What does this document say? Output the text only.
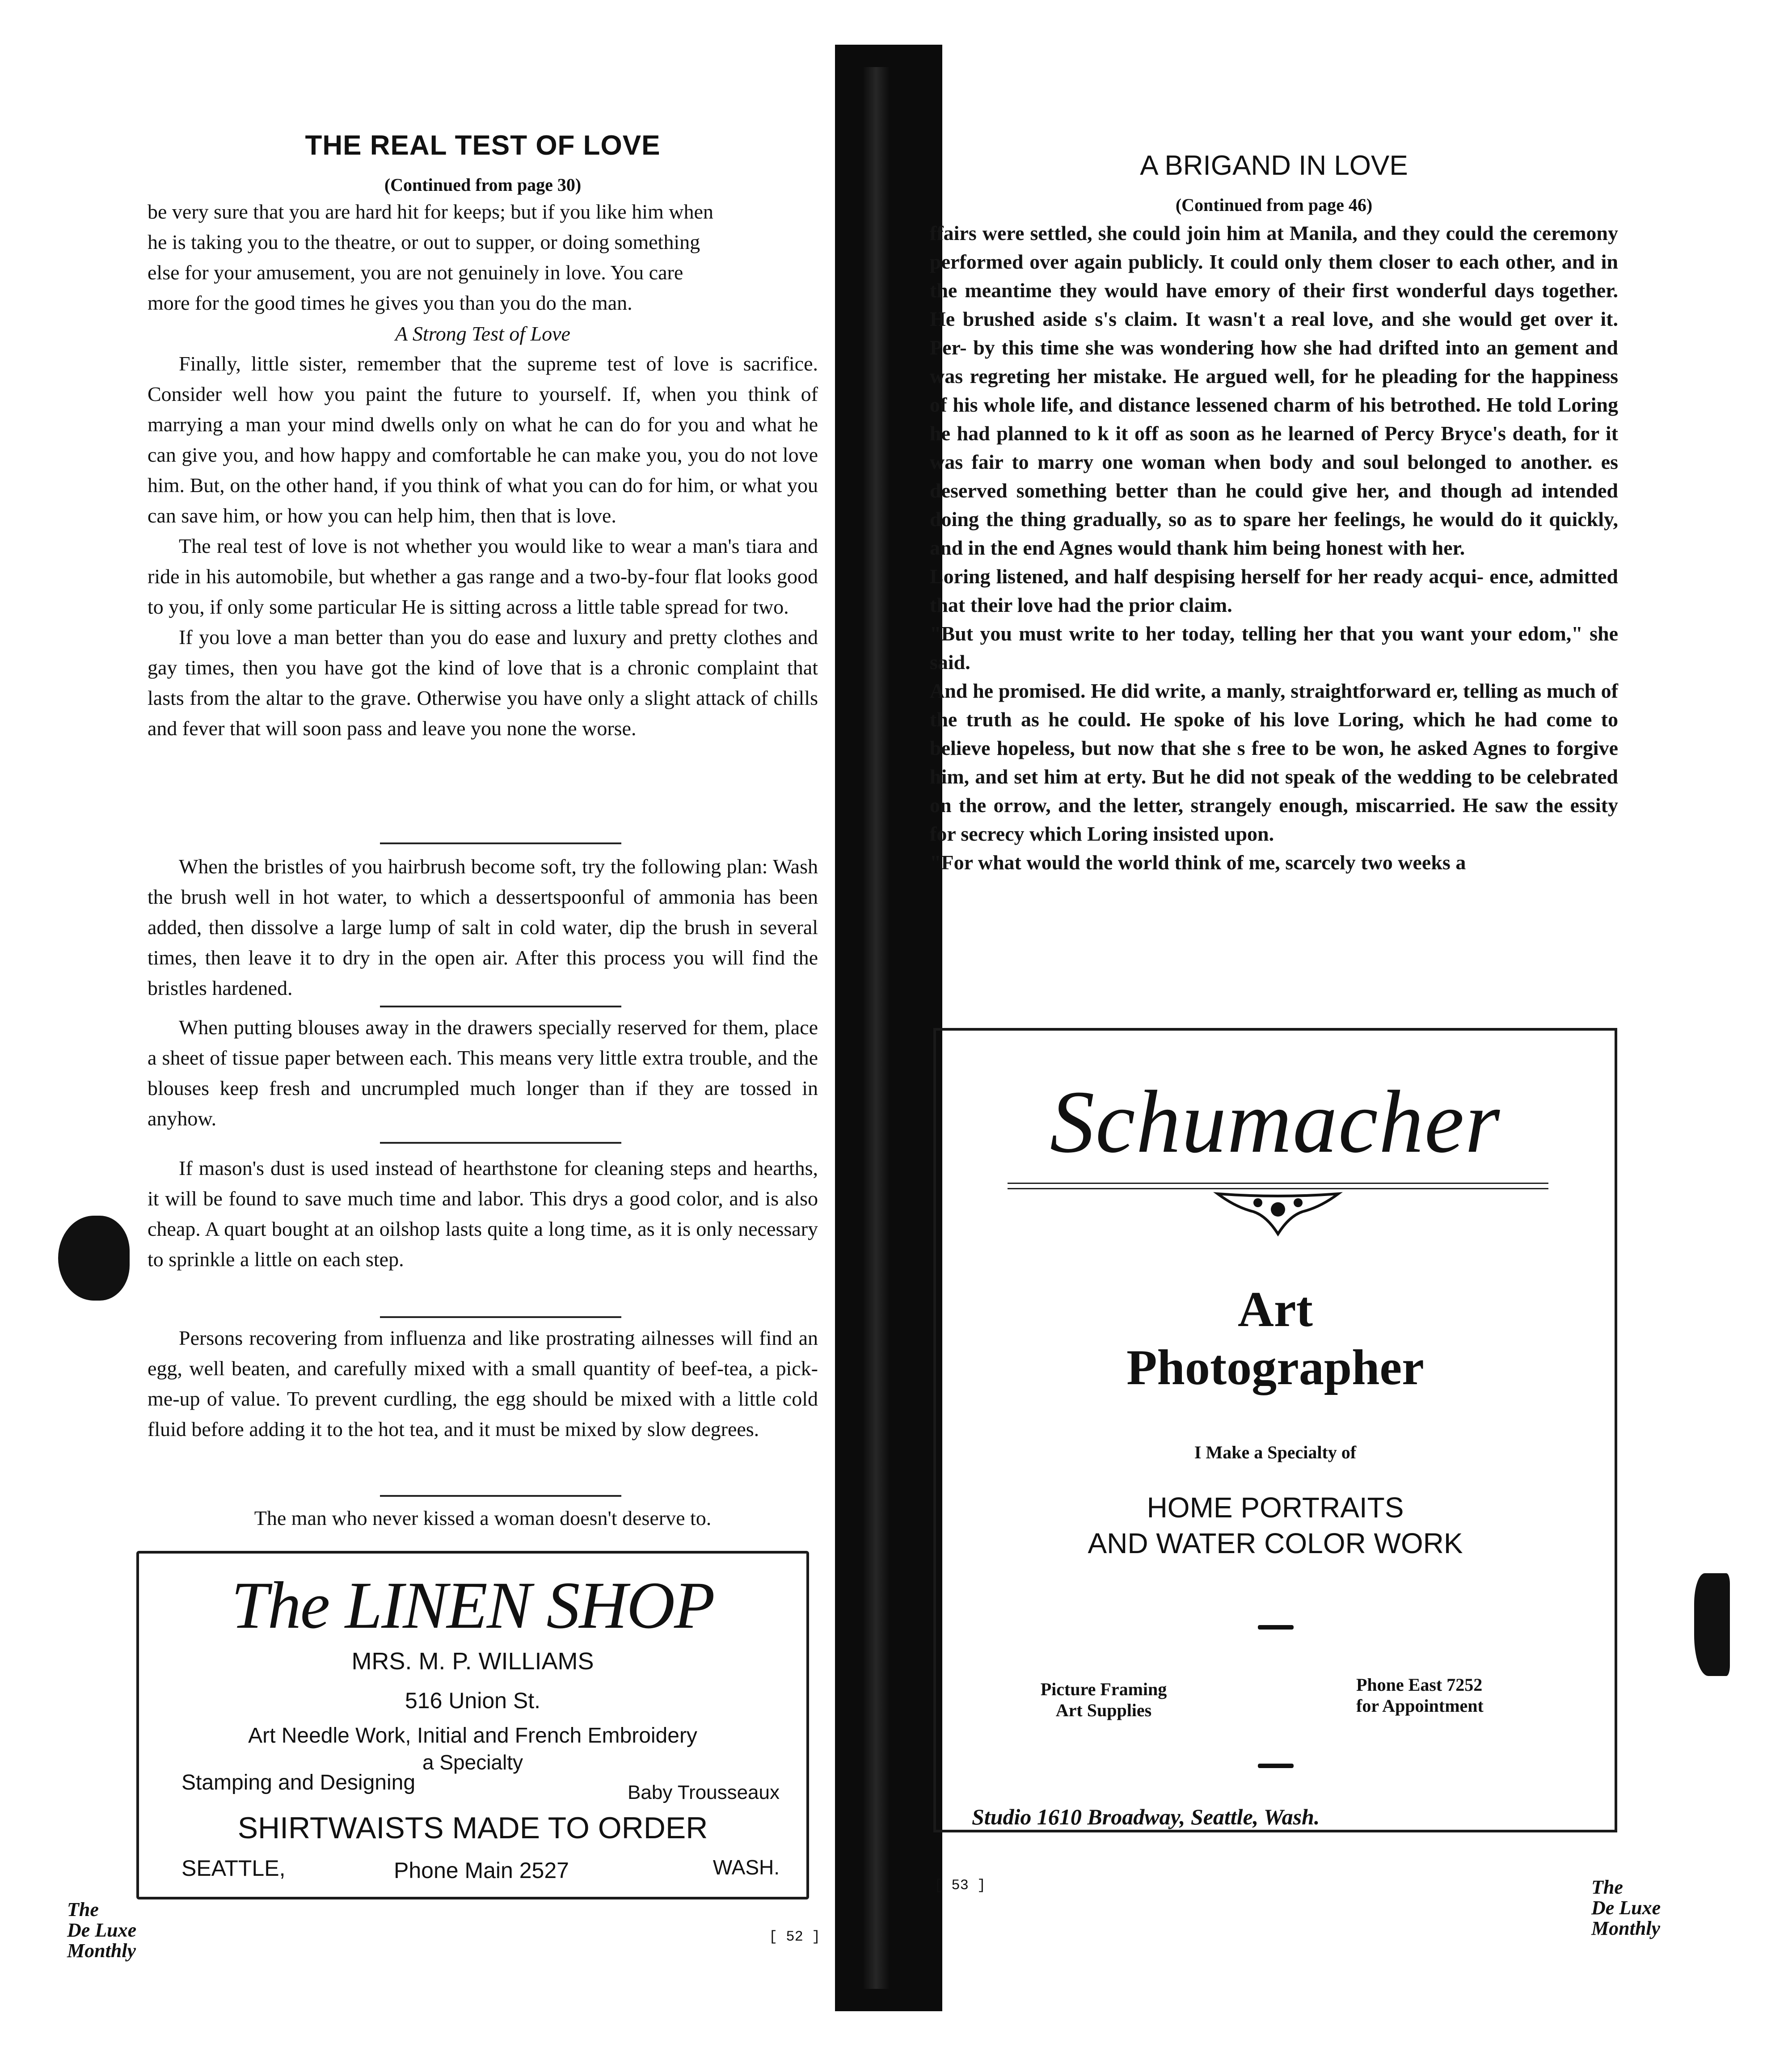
THE REAL TEST OF LOVE
(Continued from page 30)
be very sure that you are hard hit for keeps; but if you like him when
he is taking you to the theatre, or out to supper, or doing something
else for your amusement, you are not genuinely in love. You care
more for the good times he gives you than you do the man.
A Strong Test of Love

Finally, little sister, remember that the supreme test of love is sacrifice. Consider well how you paint the future to yourself. If, when you think of marrying a man your mind dwells only on what he can do for you and what he can give you, and how happy and comfortable he can make you, you do not love him. But, on the other hand, if you think of what you can do for him, or what you can save him, or how you can help him, then that is love.

The real test of love is not whether you would like to wear a man's tiara and ride in his automobile, but whether a gas range and a two-by-four flat looks good to you, if only some particular He is sitting across a little table spread for two.

If you love a man better than you do ease and luxury and pretty clothes and gay times, then you have got the kind of love that is a chronic complaint that lasts from the altar to the grave. Otherwise you have only a slight attack of chills and fever that will soon pass and leave you none the worse.

When the bristles of you hairbrush become soft, try the following plan: Wash the brush well in hot water, to which a dessertspoonful of ammonia has been added, then dissolve a large lump of salt in cold water, dip the brush in several times, then leave it to dry in the open air. After this process you will find the bristles hardened.

When putting blouses away in the drawers specially reserved for them, place a sheet of tissue paper between each. This means very little extra trouble, and the blouses keep fresh and uncrumpled much longer than if they are tossed in anyhow.

If mason's dust is used instead of hearthstone for cleaning steps and hearths, it will be found to save much time and labor. This drys a good color, and is also cheap. A quart bought at an oilshop lasts quite a long time, as it is only necessary to sprinkle a little on each step.

Persons recovering from influenza and like prostrating ailnesses will find an egg, well beaten, and carefully mixed with a small quantity of beef-tea, a pick-me-up of value. To prevent curdling, the egg should be mixed with a little cold fluid before adding it to the hot tea, and it must be mixed by slow degrees.

The man who never kissed a woman doesn't deserve to.
The LINEN SHOP
MRS. M. P. WILLIAMS
516 Union St.
Art Needle Work, Initial and French Embroidery
a Specialty
Stamping and Designing	Baby Trousseaux
SHIRTWAISTS MADE TO ORDER
SEATTLE,	Phone Main 2527	WASH.
The
De Luxe
Monthly
[ 52 ]
A BRIGAND IN LOVE
(Continued from page 46)

ffairs were settled, she could join him at Manila, and they could the ceremony performed over again publicly. It could only them closer to each other, and in the meantime they would have emory of their first wonderful days together. He brushed aside s's claim. It wasn't a real love, and she would get over it. Per- by this time she was wondering how she had drifted into an gement and was regreting her mistake. He argued well, for he pleading for the happiness of his whole life, and distance lessened charm of his betrothed. He told Loring he had planned to k it off as soon as he learned of Percy Bryce's death, for it was fair to marry one woman when body and soul belonged to another. es deserved something better than he could give her, and though ad intended doing the thing gradually, so as to spare her feelings, he would do it quickly, and in the end Agnes would thank him being honest with her.

Loring listened, and half despising herself for her ready acqui- ence, admitted that their love had the prior claim.

"But you must write to her today, telling her that you want your edom," she said.

And he promised. He did write, a manly, straightforward er, telling as much of the truth as he could. He spoke of his love Loring, which he had come to believe hopeless, but now that she s free to be won, he asked Agnes to forgive him, and set him at erty. But he did not speak of the wedding to be celebrated on the orrow, and the letter, strangely enough, miscarried. He saw the essity for secrecy which Loring insisted upon.

"For what would the world think of me, scarcely two weeks a

Schumacher
Art
Photographer
I Make a Specialty of
HOME PORTRAITS
AND WATER COLOR WORK
Picture Framing
Art Supplies
Phone East 7252
for Appointment
Studio 1610 Broadway, Seattle, Wash.
[ 53 ]	The
De Luxe
Monthly
